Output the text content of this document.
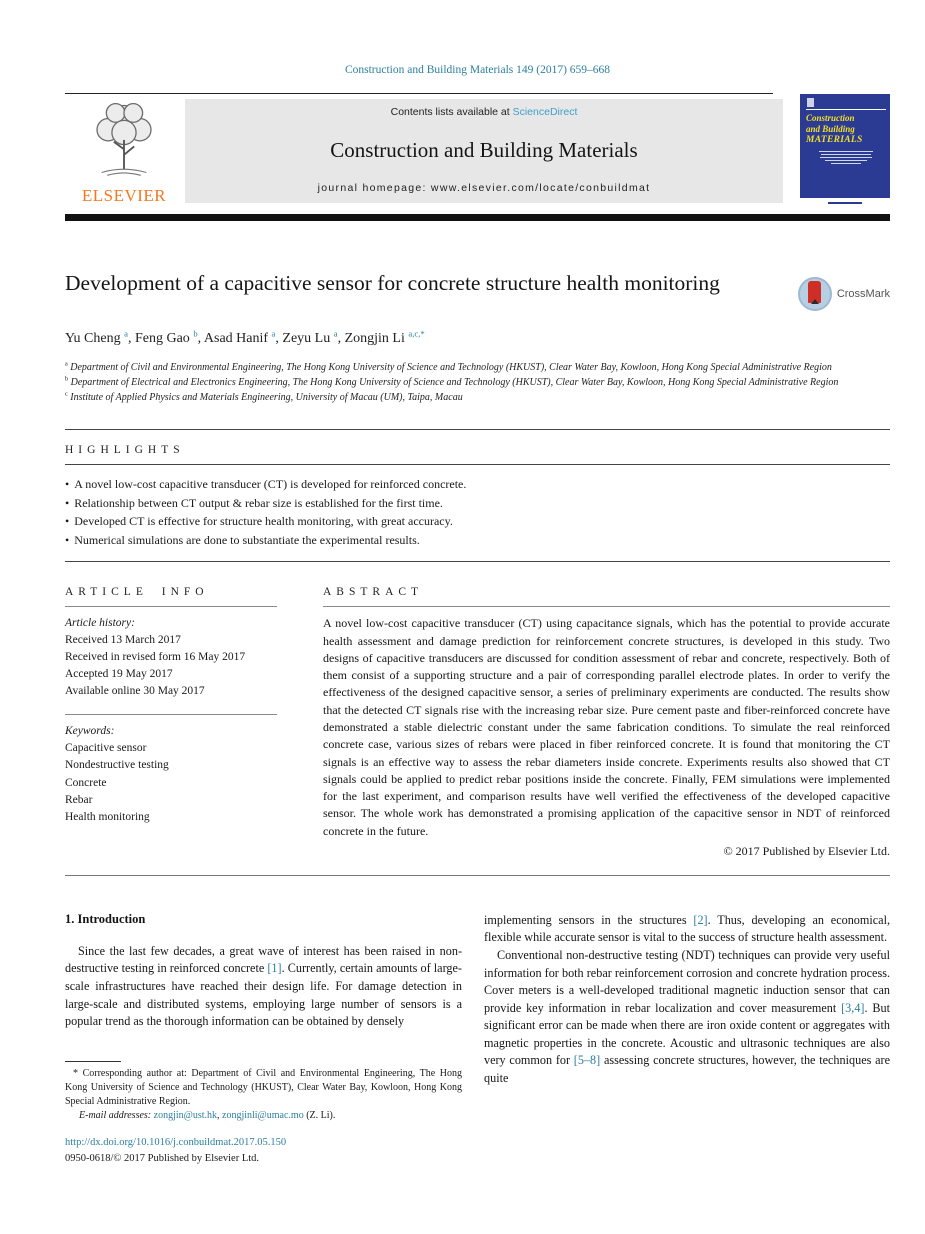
Construction and Building Materials 149 (2017) 659–668
ELSEVIER
Contents lists available at ScienceDirect
Construction and Building Materials
journal homepage: www.elsevier.com/locate/conbuildmat
Construction
and Building
MATERIALS
Development of a capacitive sensor for concrete structure health monitoring	CrossMark
Yu Cheng $^a$, Feng Gao $^b$, Asad Hanif $^a$, Zeyu Lu $^a$, Zongjin Li $^{a,c,*}$
$^a$ Department of Civil and Environmental Engineering, The Hong Kong University of Science and Technology (HKUST), Clear Water Bay, Kowloon, Hong Kong Special Administrative Region
$^b$ Department of Electrical and Electronics Engineering, The Hong Kong University of Science and Technology (HKUST), Clear Water Bay, Kowloon, Hong Kong Special Administrative Region
$^c$ Institute of Applied Physics and Materials Engineering, University of Macau (UM), Taipa, Macau
HIGHLIGHTS
• A novel low-cost capacitive transducer (CT) is developed for reinforced concrete.
• Relationship between CT output & rebar size is established for the first time.
• Developed CT is effective for structure health monitoring, with great accuracy.
• Numerical simulations are done to substantiate the experimental results.
ARTICLE INFO
Article history:
Received 13 March 2017
Received in revised form 16 May 2017
Accepted 19 May 2017
Available online 30 May 2017
Keywords:
Capacitive sensor
Nondestructive testing
Concrete
Rebar
Health monitoring
ABSTRACT

A novel low-cost capacitive transducer (CT) using capacitance signals, which has the potential to provide accurate health assessment and damage prediction for reinforcement concrete structures, is developed in this study. Two designs of capacitive transducers are discussed for condition assessment of rebar and concrete, respectively. Both of them consist of a supporting structure and a pair of corresponding parallel electrode plates. In order to verify the effectiveness of the designed capacitive sensor, a series of preliminary experiments are conducted. The results show that the detected CT signals rise with the increasing rebar size. Pure cement paste and fiber-reinforced concrete have demonstrated a stable dielectric constant under the same fabrication conditions. To simulate the real reinforced concrete case, various sizes of rebars were placed in fiber reinforced concrete. It is found that monitoring the CT signals is an effective way to assess the rebar diameters inside concrete. Experiments results also showed that CT signals could be applied to predict rebar positions inside the concrete. Finally, FEM simulations were implemented for the last experiment, and comparison results have well verified the effectiveness of the developed capacitive sensor. The whole work has demonstrated a promising application of the capacitive sensor in NDT of reinforced concrete in the future.

© 2017 Published by Elsevier Ltd.
1. Introduction

Since the last few decades, a great wave of interest has been raised in non-destructive testing in reinforced concrete [1]. Currently, certain amounts of large-scale infrastructures have reached their design life. For damage detection in large-scale and distributed systems, employing large number of sensors is a popular trend as the thorough information can be obtained by densely

* Corresponding author at: Department of Civil and Environmental Engineering, The Hong Kong University of Science and Technology (HKUST), Clear Water Bay, Kowloon, Hong Kong Special Administrative Region.
E-mail addresses: zongjin@ust.hk, zongjinli@umac.mo (Z. Li).
http://dx.doi.org/10.1016/j.conbuildmat.2017.05.150
0950-0618/© 2017 Published by Elsevier Ltd.

implementing sensors in the structures [2]. Thus, developing an economical, flexible while accurate sensor is vital to the success of structure health assessment.

Conventional non-destructive testing (NDT) techniques can provide very useful information for both rebar reinforcement corrosion and concrete hydration process. Cover meters is a well-developed traditional magnetic induction sensor that can provide key information in rebar localization and cover measurement [3,4]. But significant error can be made when there are iron oxide content or aggregates with magnetic properties in the concrete. Acoustic and ultrasonic techniques are also very common for [5–8] assessing concrete structures, however, the techniques are quite
